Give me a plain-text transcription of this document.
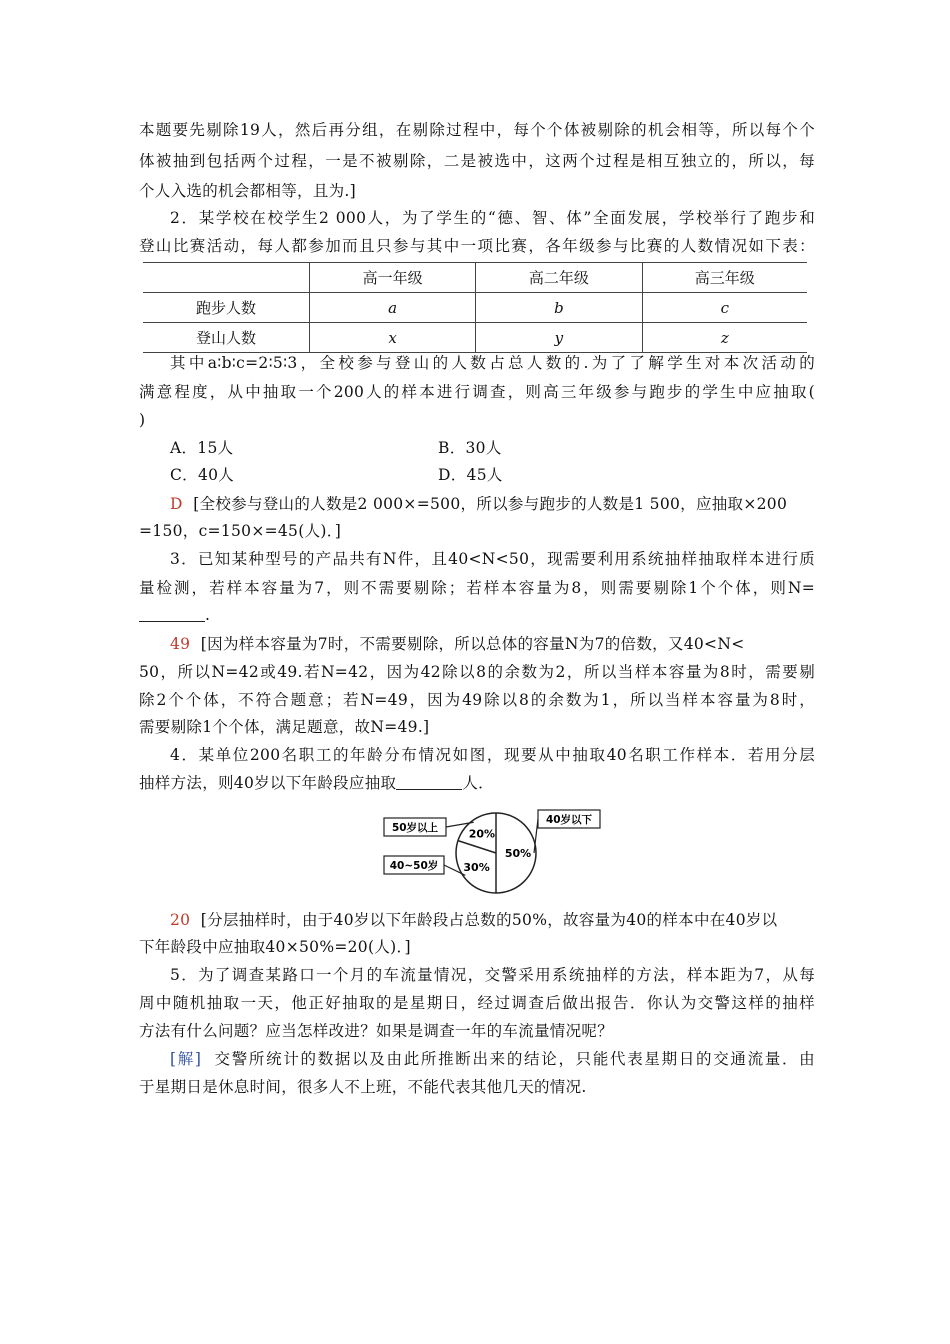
本题要先剔除19人，然后再分组，在剔除过程中，每个个体被剔除的机会相等，所以每个个
体被抽到包括两个过程，一是不被剔除，二是被选中，这两个过程是相互独立的，所以，每
个人入选的机会都相等，且为.]
2．某学校在校学生2 000人，为了学生的“德、智、体”全面发展，学校举行了跑步和
登山比赛活动，每人都参加而且只参与其中一项比赛，各年级参与比赛的人数情况如下表：
	高一年级	高二年级	高三年级
跑步人数	a	b	c
登山人数	x	y	z
其中a∶b∶c=2∶5∶3，全校参与登山的人数占总人数的.为了了解学生对本次活动的
满意程度，从中抽取一个200人的样本进行调查，则高三年级参与跑步的学生中应抽取(
)
A．15人	B．30人
C．40人	D．45人
D [全校参与登山的人数是2 000×=500，所以参与跑步的人数是1 500，应抽取×200
=150，c=150×=45(人)．]
3．已知某种型号的产品共有N件，且40<N<50，现需要利用系统抽样抽取样本进行质
量检测，若样本容量为7，则不需要剔除；若样本容量为8，则需要剔除1个个体，则N=
.
49 [因为样本容量为7时，不需要剔除，所以总体的容量N为7的倍数，又40<N<
50，所以N=42或49.若N=42，因为42除以8的余数为2，所以当样本容量为8时，需要剔
除2个个体，不符合题意；若N=49，因为49除以8的余数为1，所以当样本容量为8时，
需要剔除1个个体，满足题意，故N=49.]
4．某单位200名职工的年龄分布情况如图，现要从中抽取40名职工作样本．若用分层
抽样方法，则40岁以下年龄段应抽取	人．
50%
30%
20%
40岁以下
40~50岁
50岁以上
20 [分层抽样时，由于40岁以下年龄段占总数的50%，故容量为40的样本中在40岁以
下年龄段中应抽取40×50%=20(人)．]
5．为了调查某路口一个月的车流量情况，交警采用系统抽样的方法，样本距为7，从每
周中随机抽取一天，他正好抽取的是星期日，经过调查后做出报告．你认为交警这样的抽样
方法有什么问题？应当怎样改进？如果是调查一年的车流量情况呢？
[解] 交警所统计的数据以及由此所推断出来的结论，只能代表星期日的交通流量．由
于星期日是休息时间，很多人不上班，不能代表其他几天的情况.
